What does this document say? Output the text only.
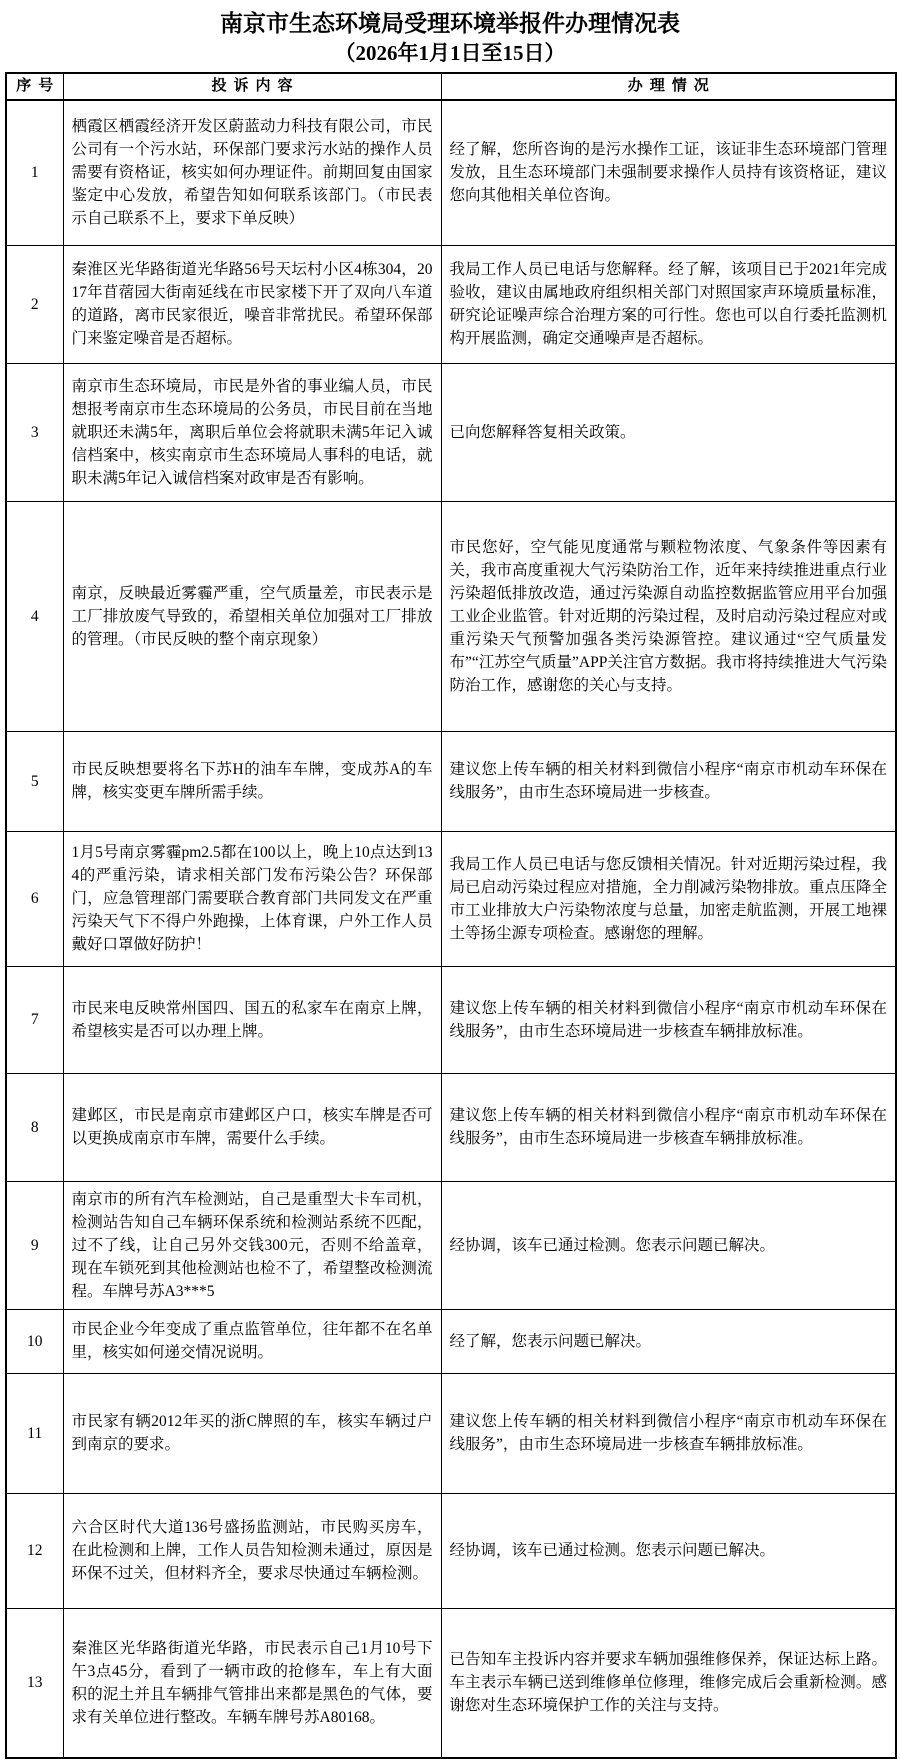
南京市生态环境局受理环境举报件办理情况表
（2026年1月1日至15日）
序号	投诉内容	办理情况
1	栖霞区栖霞经济开发区蔚蓝动力科技有限公司，市民公司有一个污水站，环保部门要求污水站的操作人员需要有资格证，核实如何办理证件。前期回复由国家鉴定中心发放，希望告知如何联系该部门。（市民表示自己联系不上，要求下单反映）	经了解，您所咨询的是污水操作工证，该证非生态环境部门管理发放，且生态环境部门未强制要求操作人员持有该资格证，建议您向其他相关单位咨询。
2	秦淮区光华路街道光华路56号天坛村小区4栋304，2017年苜蓿园大街南延线在市民家楼下开了双向八车道的道路，离市民家很近，噪音非常扰民。希望环保部门来鉴定噪音是否超标。	我局工作人员已电话与您解释。经了解，该项目已于2021年完成验收，建议由属地政府组织相关部门对照国家声环境质量标准，研究论证噪声综合治理方案的可行性。您也可以自行委托监测机构开展监测，确定交通噪声是否超标。
3	南京市生态环境局，市民是外省的事业编人员，市民想报考南京市生态环境局的公务员，市民目前在当地就职还未满5年，离职后单位会将就职未满5年记入诚信档案中，核实南京市生态环境局人事科的电话，就职未满5年记入诚信档案对政审是否有影响。	已向您解释答复相关政策。
4	南京，反映最近雾霾严重，空气质量差，市民表示是工厂排放废气导致的，希望相关单位加强对工厂排放的管理。（市民反映的整个南京现象）	市民您好，空气能见度通常与颗粒物浓度、气象条件等因素有关，我市高度重视大气污染防治工作，近年来持续推进重点行业污染超低排放改造，通过污染源自动监控数据监管应用平台加强工业企业监管。针对近期的污染过程，及时启动污染过程应对或重污染天气预警加强各类污染源管控。建议通过“空气质量发布”“江苏空气质量”APP关注官方数据。我市将持续推进大气污染防治工作，感谢您的关心与支持。
5	市民反映想要将名下苏H的油车车牌，变成苏A的车牌，核实变更车牌所需手续。	建议您上传车辆的相关材料到微信小程序“南京市机动车环保在线服务”，由市生态环境局进一步核查。
6	1月5号南京雾霾pm2.5都在100以上，晚上10点达到134的严重污染，请求相关部门发布污染公告？环保部门，应急管理部门需要联合教育部门共同发文在严重污染天气下不得户外跑操，上体育课，户外工作人员戴好口罩做好防护！	我局工作人员已电话与您反馈相关情况。针对近期污染过程，我局已启动污染过程应对措施，全力削减污染物排放。重点压降全市工业排放大户污染物浓度与总量，加密走航监测，开展工地裸土等扬尘源专项检查。感谢您的理解。
7	市民来电反映常州国四、国五的私家车在南京上牌，希望核实是否可以办理上牌。	建议您上传车辆的相关材料到微信小程序“南京市机动车环保在线服务”，由市生态环境局进一步核查车辆排放标准。
8	建邺区，市民是南京市建邺区户口，核实车牌是否可以更换成南京市车牌，需要什么手续。	建议您上传车辆的相关材料到微信小程序“南京市机动车环保在线服务”，由市生态环境局进一步核查车辆排放标准。
9	南京市的所有汽车检测站，自己是重型大卡车司机，检测站告知自己车辆环保系统和检测站系统不匹配，过不了线，让自己另外交钱300元，否则不给盖章，现在车锁死到其他检测站也检不了，希望整改检测流程。车牌号苏A3***5	经协调，该车已通过检测。您表示问题已解决。
10	市民企业今年变成了重点监管单位，往年都不在名单里，核实如何递交情况说明。	经了解，您表示问题已解决。
11	市民家有辆2012年买的浙C牌照的车，核实车辆过户到南京的要求。	建议您上传车辆的相关材料到微信小程序“南京市机动车环保在线服务”，由市生态环境局进一步核查车辆排放标准。
12	六合区时代大道136号盛扬监测站，市民购买房车，在此检测和上牌，工作人员告知检测未通过，原因是环保不过关，但材料齐全，要求尽快通过车辆检测。	经协调，该车已通过检测。您表示问题已解决。
13	秦淮区光华路街道光华路，市民表示自己1月10号下午3点45分，看到了一辆市政的抢修车，车上有大面积的泥土并且车辆排气管排出来都是黑色的气体，要求有关单位进行整改。车辆车牌号苏A80168。	已告知车主投诉内容并要求车辆加强维修保养，保证达标上路。车主表示车辆已送到维修单位修理，维修完成后会重新检测。感谢您对生态环境保护工作的关注与支持。
